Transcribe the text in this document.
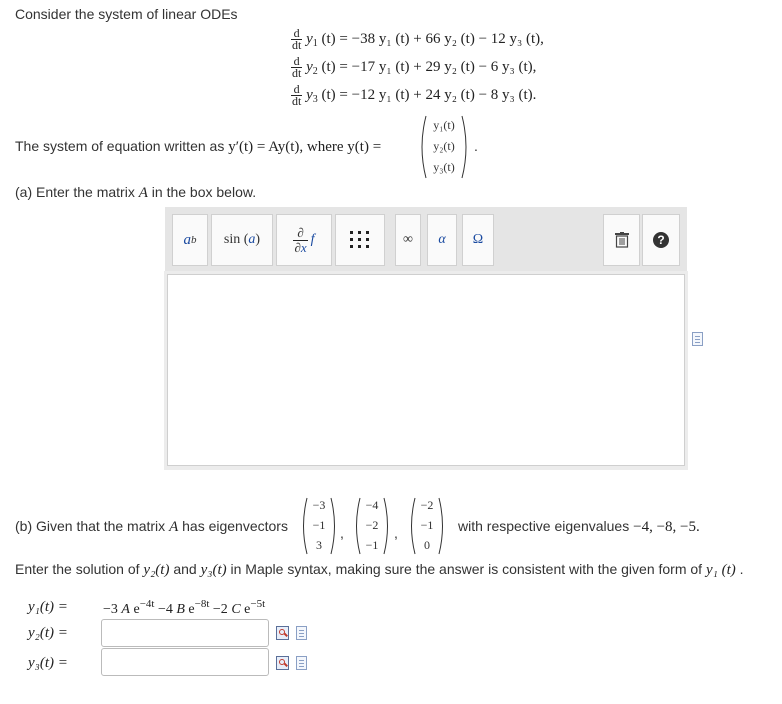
Consider the system of linear ODEs
$\frac{d}{dt} y_1$ (t) = −38 y₁ (t) + 66 y₂ (t) − 12 y₃ (t),
$\frac{d}{dt} y_2$ (t) = −17 y₁ (t) + 29 y₂ (t) − 6 y₃ (t),
$\frac{d}{dt} y_3$ (t) = −12 y₁ (t) + 24 y₂ (t) − 8 y₃ (t).
The system of equation written as y′(t) = Ay(t), where y(t) =
y₁(t)
y₂(t)
y₃(t)
.
(a) Enter the matrix A in the box below.
a b sin ( a )	$\frac{\partial}{\partial x}$ f	∞ α Ω	?
(b) Given that the matrix A has eigenvectors
−3
−1
3
,
−4
−2
−1
,
−2
−1
0
with respective eigenvalues −4, −8, −5.
Enter the solution of y₂(t) and y₃(t) in Maple syntax, making sure the answer is consistent with the given form of y₁ (t) .
y₁(t) =	−3 A $e^{-4t} -4$ B $e^{-8t} -2$ C $e^{-5t}$
y₂(t) =
y₃(t) =
